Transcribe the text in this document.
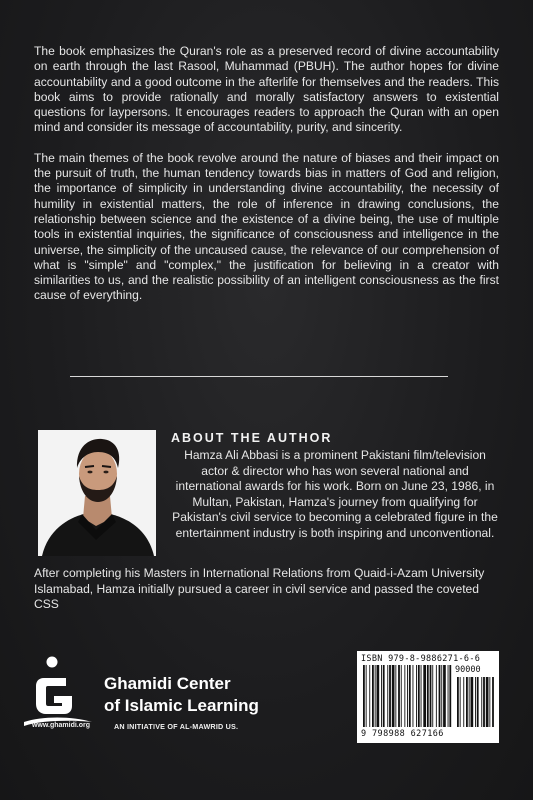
The book emphasizes the Quran's role as a preserved record of divine accountability on earth through the last Rasool, Muhammad (PBUH). The author hopes for divine accountability and a good outcome in the afterlife for themselves and the readers. This book aims to provide rationally and morally satisfactory answers to existential questions for laypersons. It encourages readers to approach the Quran with an open mind and consider its message of accountability, purity, and sincerity.

The main themes of the book revolve around the nature of biases and their impact on the pursuit of truth, the human tendency towards bias in matters of God and religion, the importance of simplicity in understanding divine accountability, the necessity of humility in existential matters, the role of inference in drawing conclusions, the relationship between science and the existence of a divine being, the use of multiple tools in existential inquiries, the significance of consciousness and intelligence in the universe, the simplicity of the uncaused cause, the relevance of our comprehension of what is "simple" and "complex," the justification for believing in a creator with similarities to us, and the realistic possibility of an intelligent consciousness as the first cause of everything.

ABOUT THE AUTHOR
Hamza Ali Abbasi is a prominent Pakistani film/television actor & director who has won several national and international awards for his work. Born on June 23, 1986, in Multan, Pakistan, Hamza's journey from qualifying for Pakistan's civil service to becoming a celebrated figure in the entertainment industry is both inspiring and unconventional.
After completing his Masters in International Relations from Quaid-i-Azam University Islamabad, Hamza initially pursued a career in civil service and passed the coveted CSS
www.ghamidi.org
Ghamidi Center
of Islamic Learning
AN INITIATIVE OF AL-MAWRID US.
ISBN 979-8-9886271-6-6
90000
9 798988 627166
